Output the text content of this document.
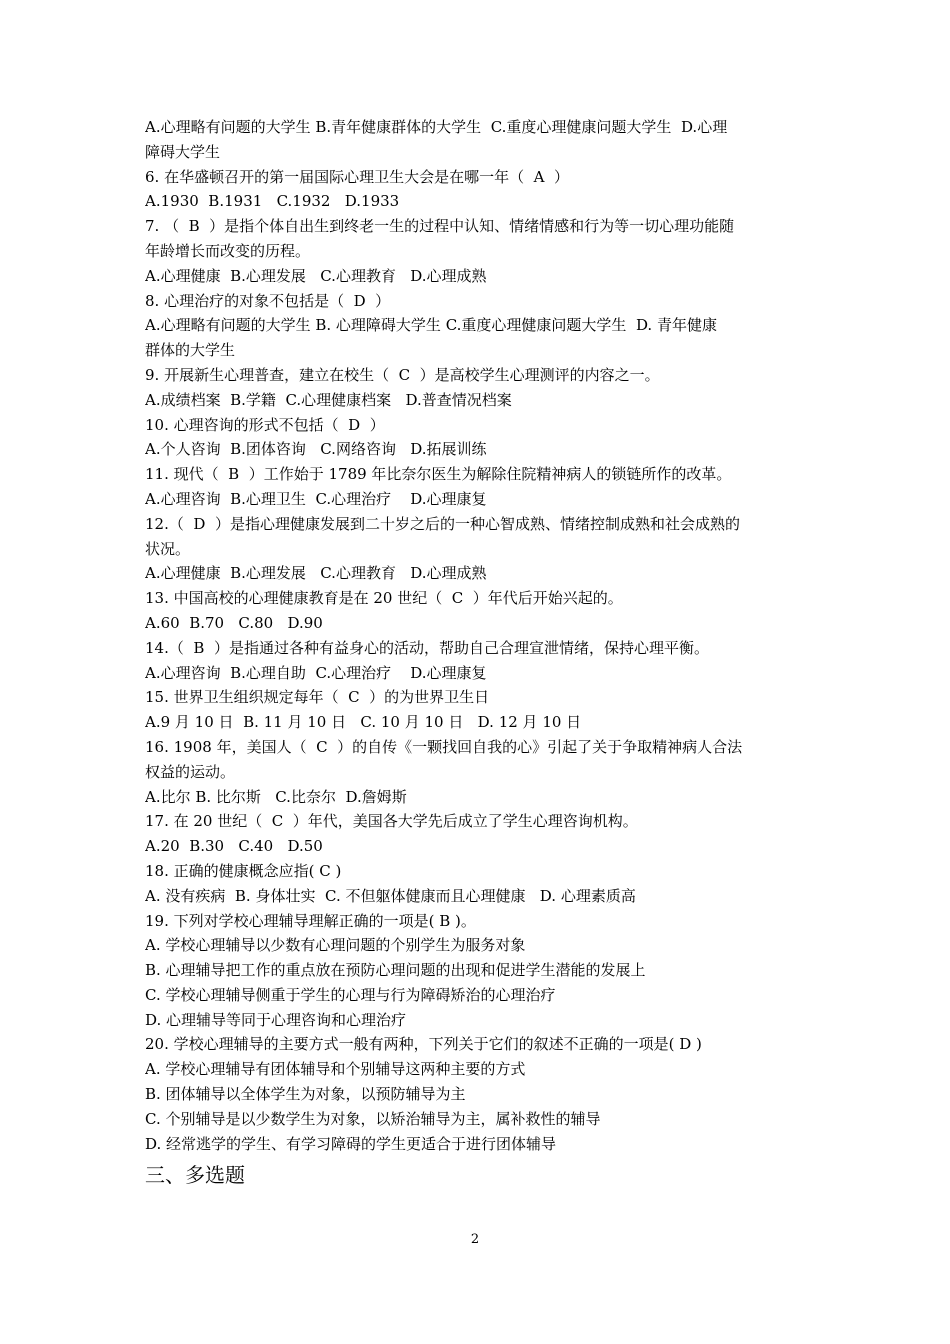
A.心理略有问题的大学生 B.青年健康群体的大学生  C.重度心理健康问题大学生  D.心理
障碍大学生
6. 在华盛顿召开的第一届国际心理卫生大会是在哪一年（  A  ）
A.1930  B.1931   C.1932   D.1933
7. （  B  ）是指个体自出生到终老一生的过程中认知、情绪情感和行为等一切心理功能随
年龄增长而改变的历程。
A.心理健康  B.心理发展   C.心理教育   D.心理成熟
8. 心理治疗的对象不包括是（  D  ）
A.心理略有问题的大学生 B. 心理障碍大学生 C.重度心理健康问题大学生  D. 青年健康
群体的大学生
9. 开展新生心理普查，建立在校生（  C  ）是高校学生心理测评的内容之一。
A.成绩档案  B.学籍  C.心理健康档案   D.普查情况档案
10. 心理咨询的形式不包括（  D  ）
A.个人咨询  B.团体咨询   C.网络咨询   D.拓展训练
11. 现代（  B  ）工作始于 1789 年比奈尔医生为解除住院精神病人的锁链所作的改革。
A.心理咨询  B.心理卫生  C.心理治疗    D.心理康复
12.（  D  ）是指心理健康发展到二十岁之后的一种心智成熟、情绪控制成熟和社会成熟的
状况。
A.心理健康  B.心理发展   C.心理教育   D.心理成熟
13. 中国高校的心理健康教育是在 20 世纪（  C  ）年代后开始兴起的。
A.60  B.70   C.80   D.90
14.（  B  ）是指通过各种有益身心的活动，帮助自己合理宣泄情绪，保持心理平衡。
A.心理咨询  B.心理自助  C.心理治疗    D.心理康复
15. 世界卫生组织规定每年（  C  ）的为世界卫生日
A.9 月 10 日  B. 11 月 10 日   C. 10 月 10 日   D. 12 月 10 日
16. 1908 年，美国人（  C  ）的自传《一颗找回自我的心》引起了关于争取精神病人合法
权益的运动。
A.比尔 B. 比尔斯   C.比奈尔  D.詹姆斯
17. 在 20 世纪（  C  ）年代，美国各大学先后成立了学生心理咨询机构。
A.20  B.30   C.40   D.50
18. 正确的健康概念应指( C )
A. 没有疾病  B. 身体壮实  C. 不但躯体健康而且心理健康   D. 心理素质高
19. 下列对学校心理辅导理解正确的一项是( B )。
A. 学校心理辅导以少数有心理问题的个别学生为服务对象
B. 心理辅导把工作的重点放在预防心理问题的出现和促进学生潜能的发展上
C. 学校心理辅导侧重于学生的心理与行为障碍矫治的心理治疗
D. 心理辅导等同于心理咨询和心理治疗
20. 学校心理辅导的主要方式一般有两种，下列关于它们的叙述不正确的一项是( D )
A. 学校心理辅导有团体辅导和个别辅导这两种主要的方式
B. 团体辅导以全体学生为对象，以预防辅导为主
C. 个别辅导是以少数学生为对象，以矫治辅导为主，属补救性的辅导
D. 经常逃学的学生、有学习障碍的学生更适合于进行团体辅导
三、多选题
2
